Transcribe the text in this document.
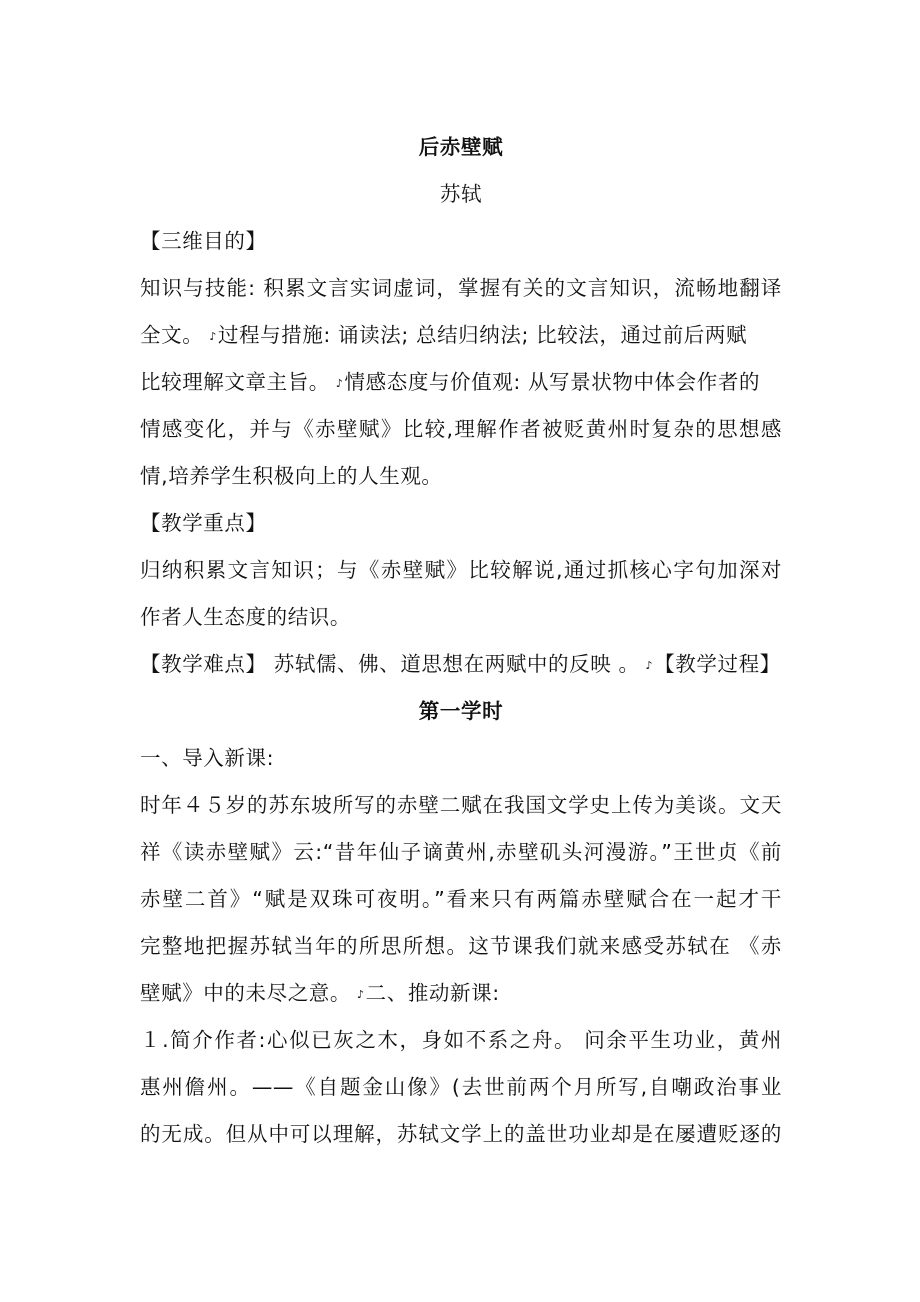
后赤壁赋
苏轼
【三维目的】
知识与技能: 积累文言实词虚词，掌握有关的文言知识，流畅地翻译
全文。 ♪过程与措施: 诵读法; 总结归纳法; 比较法，通过前后两赋
比较理解文章主旨。 ♪情感态度与价值观: 从写景状物中体会作者的
情感变化，并与《赤壁赋》比较,理解作者被贬黄州时复杂的思想感
情,培养学生积极向上的人生观。
【教学重点】
归纳积累文言知识；与《赤壁赋》比较解说,通过抓核心字句加深对
作者人生态度的结识。
【教学难点】 苏轼儒、佛、道思想在两赋中的反映 。 ♪【教学过程】
第一学时
一、导入新课:
时年４５岁的苏东坡所写的赤壁二赋在我国文学史上传为美谈。文天
祥《读赤壁赋》云:“昔年仙子谪黄州,赤壁矶头河漫游。”王世贞《前
赤壁二首》“赋是双珠可夜明。”看来只有两篇赤壁赋合在一起才干
完整地把握苏轼当年的所思所想。这节课我们就来感受苏轼在 《赤
壁赋》中的未尽之意。 ♪二、推动新课:
１.简介作者:心似已灰之木，身如不系之舟。 问余平生功业，黄州
惠州儋州。——《自题金山像》(去世前两个月所写,自嘲政治事业
的无成。但从中可以理解，苏轼文学上的盖世功业却是在屡遭贬逐的
